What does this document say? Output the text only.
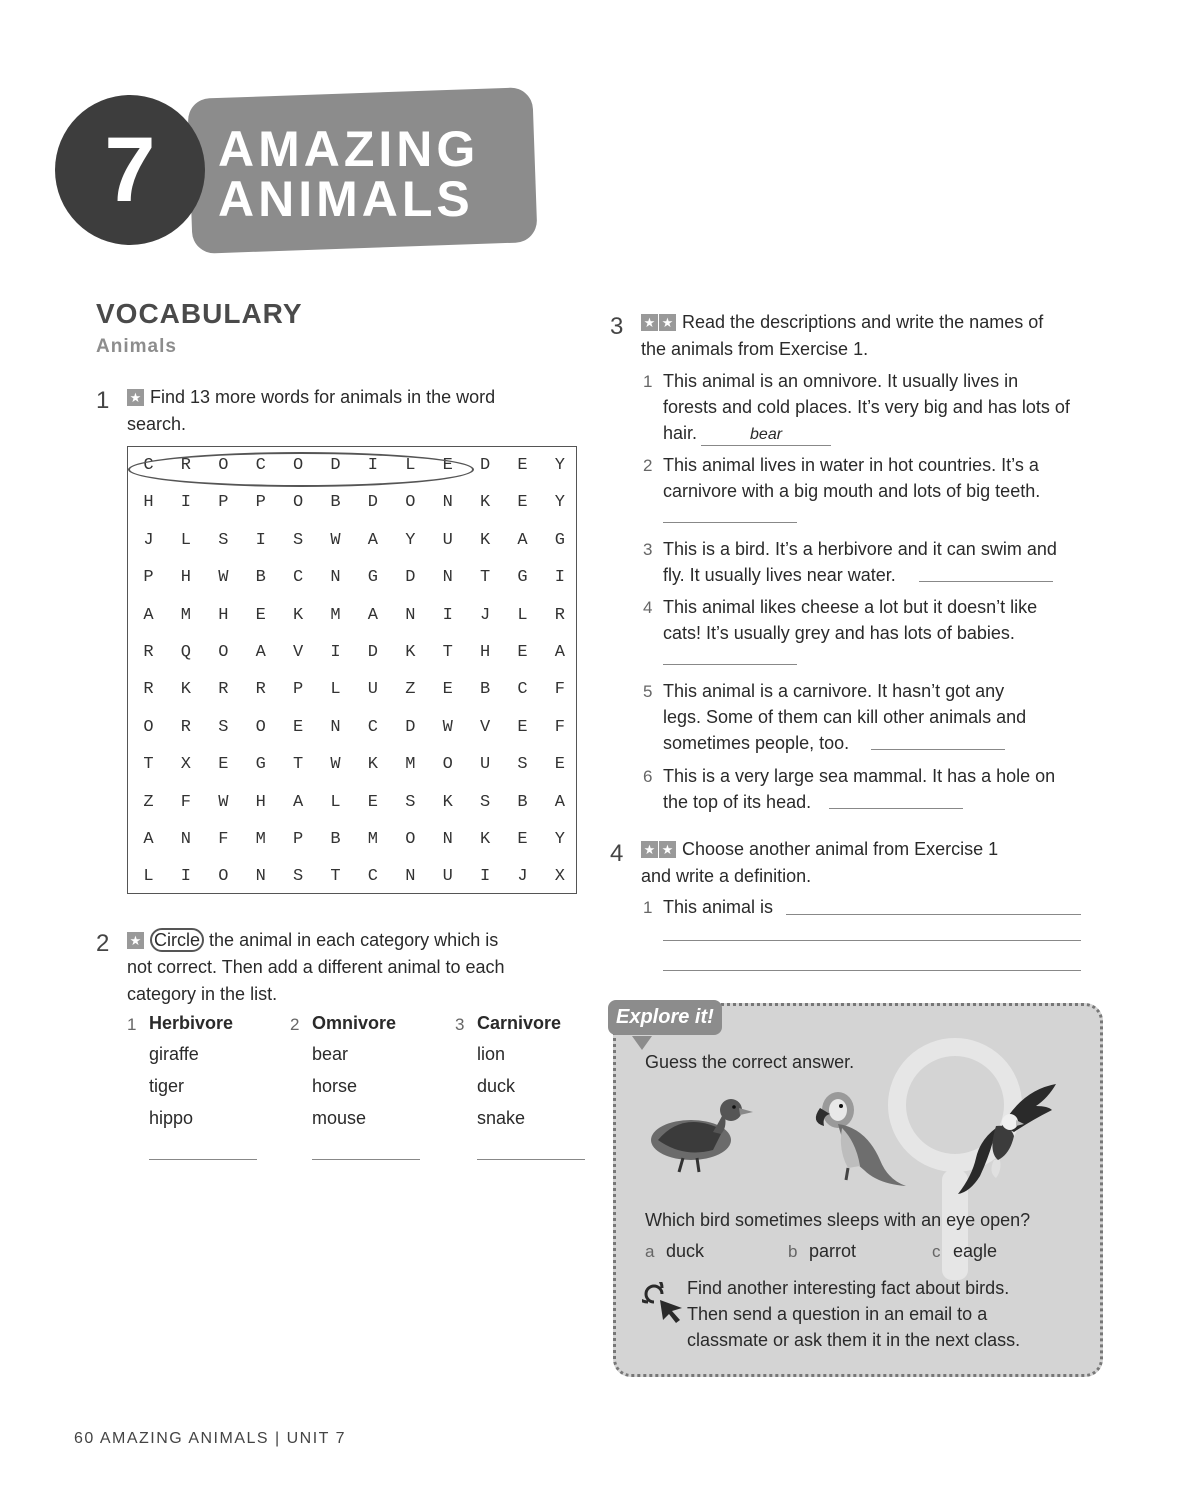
7	AMAZING
ANIMALS
VOCABULARY
Animals
1 ★ Find 13 more words for animals in the word
search.
C	R	O	C	O	D	I	L	E	D	E	Y
H	I	P	P	O	B	D	O	N	K	E	Y
J	L	S	I	S	W	A	Y	U	K	A	G
P	H	W	B	C	N	G	D	N	T	G	I
A	M	H	E	K	M	A	N	I	J	L	R
R	Q	O	A	V	I	D	K	T	H	E	A
R	K	R	R	P	L	U	Z	E	B	C	F
O	R	S	O	E	N	C	D	W	V	E	F
T	X	E	G	T	W	K	M	O	U	S	E
Z	F	W	H	A	L	E	S	K	S	B	A
A	N	F	M	P	B	M	O	N	K	E	Y
L	I	O	N	S	T	C	N	U	I	J	X
2 ★ Circle the animal in each category which is
not correct. Then add a different animal to each
category in the list.
1 Herbivore
giraffe
tiger
hippo
2 Omnivore
bear
horse
mouse
3 Carnivore
lion
duck
snake
3 ★ ★ Read the descriptions and write the names of
the animals from Exercise 1.
1 This animal is an omnivore. It usually lives in
forests and cold places. It’s very big and has lots of
hair.	bear
2 This animal lives in water in hot countries. It’s a
carnivore with a big mouth and lots of big teeth.
3 This is a bird. It’s a herbivore and it can swim and
fly. It usually lives near water.
4 This animal likes cheese a lot but it doesn’t like
cats! It’s usually grey and has lots of babies.
5 This animal is a carnivore. It hasn’t got any
legs. Some of them can kill other animals and
sometimes people, too.
6 This is a very large sea mammal. It has a hole on
the top of its head.
4 ★ ★ Choose another animal from Exercise 1
and write a definition.
1 This animal is
Explore it!
Guess the correct answer.
Which bird sometimes sleeps with an eye open?
a duck	b parrot	c eagle
Find another interesting fact about birds.
Then send a question in an email to a
classmate or ask them it in the next class.
60 AMAZING ANIMALS | UNIT 7
